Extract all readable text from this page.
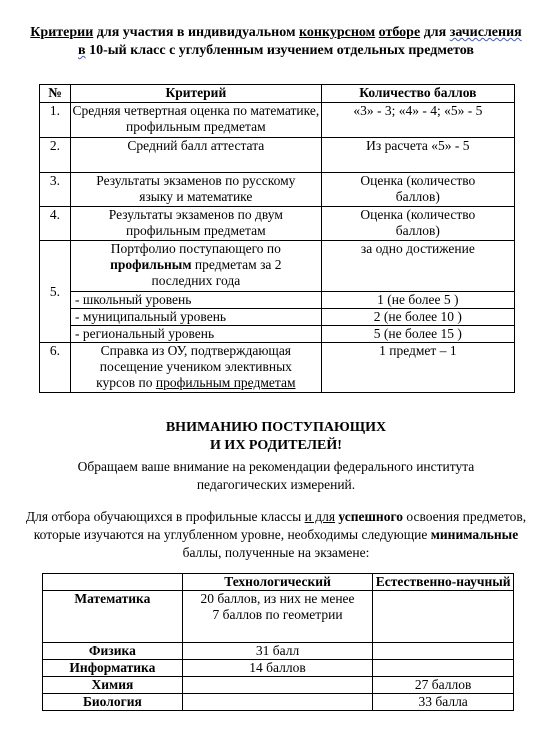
Критерии для участия в индивидуальном конкурсном отборе для зачисления в 10-ый класс с углубленным изучением отдельных предметов
№	Критерий	Количество баллов
1.	Средняя четвертная оценка по математике, профильным предметам	«3» - 3; «4» - 4; «5» - 5
2.	Средний балл аттестата	Из расчета «5» - 5
3.	Результаты экзаменов по русскому языку и математике	Оценка (количество баллов)
4.	Результаты экзаменов по двум профильным предметам	Оценка (количество баллов)
5.	Портфолио поступающего по профильным предметам за 2 последних года	за одно достижение
	- школьный уровень	1 (не более 5 )
	- муниципальный уровень	2 (не более 10 )
	- региональный уровень	5 (не более 15 )
6.	Справка из ОУ, подтверждающая посещение учеником элективных курсов по профильным предметам	1 предмет – 1
ВНИМАНИЮ ПОСТУПАЮЩИХ
И ИХ РОДИТЕЛЕЙ!
Обращаем ваше внимание на рекомендации федерального института педагогических измерений.
Для отбора обучающихся в профильные классы и для успешного освоения предметов, которые изучаются на углубленном уровне, необходимы следующие минимальные баллы, полученные на экзамене:
	Технологический	Естественно-научный
Математика	20 баллов, из них не менее 7 баллов по геометрии	
Физика	31 балл	
Информатика	14 баллов	
Химия		27 баллов
Биология		33 балла
